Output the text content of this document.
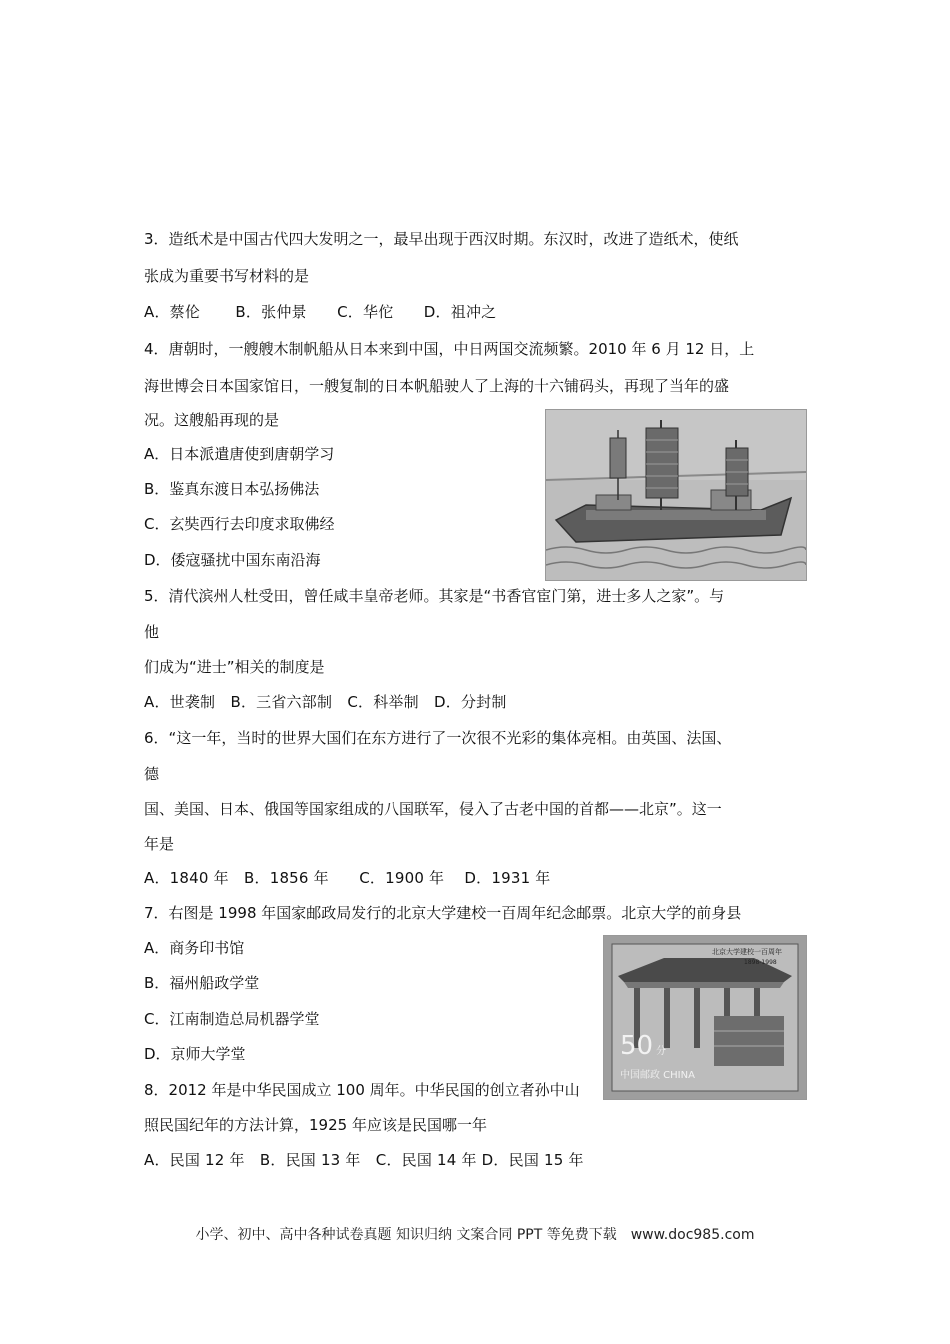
3．造纸术是中国古代四大发明之一，最早出现于西汉时期。东汉时，改进了造纸术，使纸
张成为重要书写材料的是
A．蔡伦　　 B．张仲景　　C．华佗　　D．祖冲之
4．唐朝时，一艘艘木制帆船从日本来到中国，中日两国交流频繁。2010 年 6 月 12 日，上
海世博会日本国家馆日，一艘复制的日本帆船驶人了上海的十六铺码头，再现了当年的盛
况。这艘船再现的是
A．日本派遣唐使到唐朝学习
B．鉴真东渡日本弘扬佛法
C．玄奘西行去印度求取佛经
D．倭寇骚扰中国东南沿海
5．清代滨州人杜受田，曾任咸丰皇帝老师。其家是“书香官宦门第，进士多人之家”。与
他
们成为“进士”相关的制度是
A．世袭制　B．三省六部制　C．科举制　D．分封制
6．“这一年，当时的世界大国们在东方进行了一次很不光彩的集体亮相。由英国、法国、
德
国、美国、日本、俄国等国家组成的八国联军，侵入了古老中国的首都——北京”。这一
年是
A．1840 年　B．1856 年　　C．1900 年　 D．1931 年
7．右图是 1998 年国家邮政局发行的北京大学建校一百周年纪念邮票。北京大学的前身县
A．商务印书馆
B．福州船政学堂
C．江南制造总局机器学堂
D．京师大学堂
北京大学建校一百周年
1898-1998
50 分
中国邮政 CHINA
8．2012 年是中华民国成立 100 周年。中华民国的创立者孙中山
照民国纪年的方法计算，1925 年应该是民国哪一年
A．民国 12 年　B．民国 13 年　C．民国 14 年 D．民国 15 年
小学、初中、高中各种试卷真题 知识归纳 文案合同 PPT 等免费下载　www.doc985.com
